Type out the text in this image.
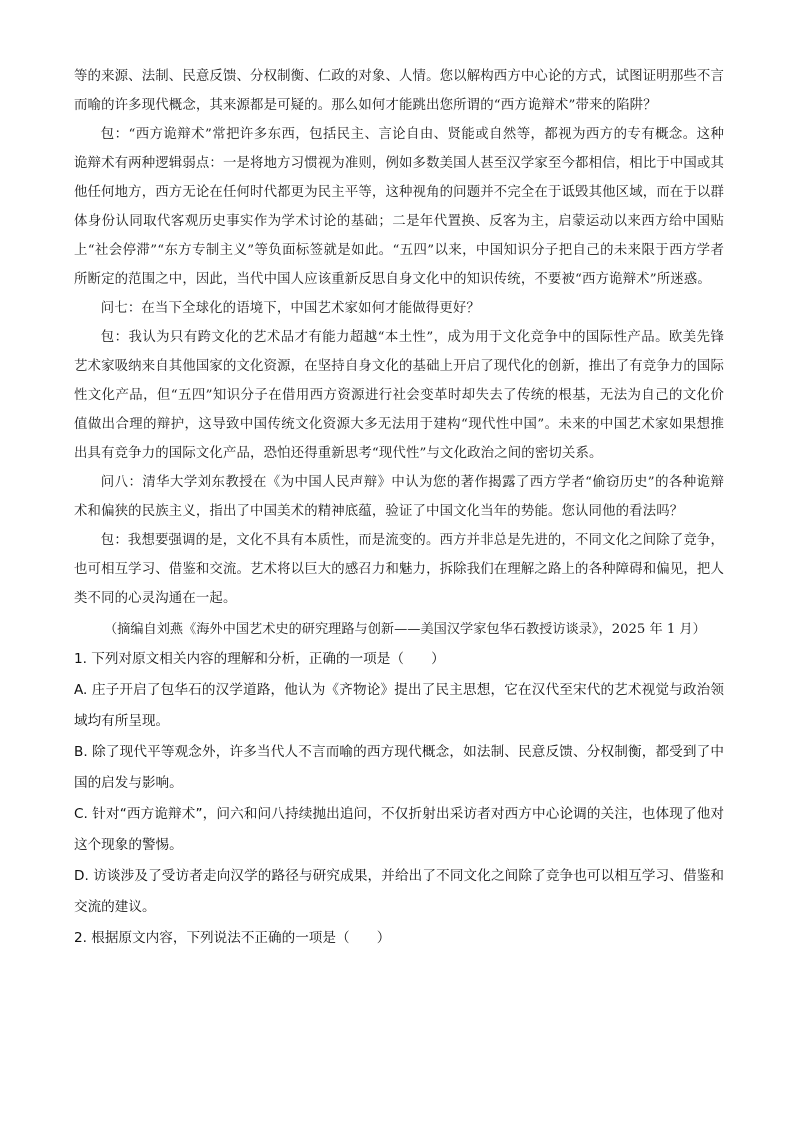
等的来源、法制、民意反馈、分权制衡、仁政的对象、人情。您以解构西方中心论的方式，试图证明那些不言而喻的许多现代概念，其来源都是可疑的。那么如何才能跳出您所谓的“西方诡辩术”带来的陷阱？

包：“西方诡辩术”常把许多东西，包括民主、言论自由、贤能或自然等，都视为西方的专有概念。这种诡辩术有两种逻辑弱点：一是将地方习惯视为准则，例如多数美国人甚至汉学家至今都相信，相比于中国或其他任何地方，西方无论在任何时代都更为民主平等，这种视角的问题并不完全在于诋毁其他区域，而在于以群体身份认同取代客观历史事实作为学术讨论的基础；二是年代置换、反客为主，启蒙运动以来西方给中国贴上“社会停滞”“东方专制主义”等负面标签就是如此。“五四”以来，中国知识分子把自己的未来限于西方学者所断定的范围之中，因此，当代中国人应该重新反思自身文化中的知识传统，不要被“西方诡辩术”所迷惑。

问七：在当下全球化的语境下，中国艺术家如何才能做得更好？

包：我认为只有跨文化的艺术品才有能力超越“本土性”，成为用于文化竞争中的国际性产品。欧美先锋艺术家吸纳来自其他国家的文化资源，在坚持自身文化的基础上开启了现代化的创新，推出了有竞争力的国际性文化产品，但“五四”知识分子在借用西方资源进行社会变革时却失去了传统的根基，无法为自己的文化价值做出合理的辩护，这导致中国传统文化资源大多无法用于建构“现代性中国”。未来的中国艺术家如果想推出具有竞争力的国际文化产品，恐怕还得重新思考“现代性”与文化政治之间的密切关系。

问八：清华大学刘东教授在《为中国人民声辩》中认为您的著作揭露了西方学者“偷窃历史”的各种诡辩术和偏狭的民族主义，指出了中国美术的精神底蕴，验证了中国文化当年的势能。您认同他的看法吗？

包：我想要强调的是，文化不具有本质性，而是流变的。西方并非总是先进的，不同文化之间除了竞争，也可相互学习、借鉴和交流。艺术将以巨大的感召力和魅力，拆除我们在理解之路上的各种障碍和偏见，把人类不同的心灵沟通在一起。

（摘编自刘燕《海外中国艺术史的研究理路与创新——美国汉学家包华石教授访谈录》，2025 年 1 月）

1. 下列对原文相关内容的理解和分析，正确的一项是（　　）

A. 庄子开启了包华石的汉学道路，他认为《齐物论》提出了民主思想，它在汉代至宋代的艺术视觉与政治领域均有所呈现。

B. 除了现代平等观念外，许多当代人不言而喻的西方现代概念，如法制、民意反馈、分权制衡，都受到了中国的启发与影响。

C. 针对“西方诡辩术”，问六和问八持续抛出追问，不仅折射出采访者对西方中心论调的关注，也体现了他对这个现象的警惕。

D. 访谈涉及了受访者走向汉学的路径与研究成果，并给出了不同文化之间除了竞争也可以相互学习、借鉴和交流的建议。

2. 根据原文内容，下列说法不正确的一项是（　　）
